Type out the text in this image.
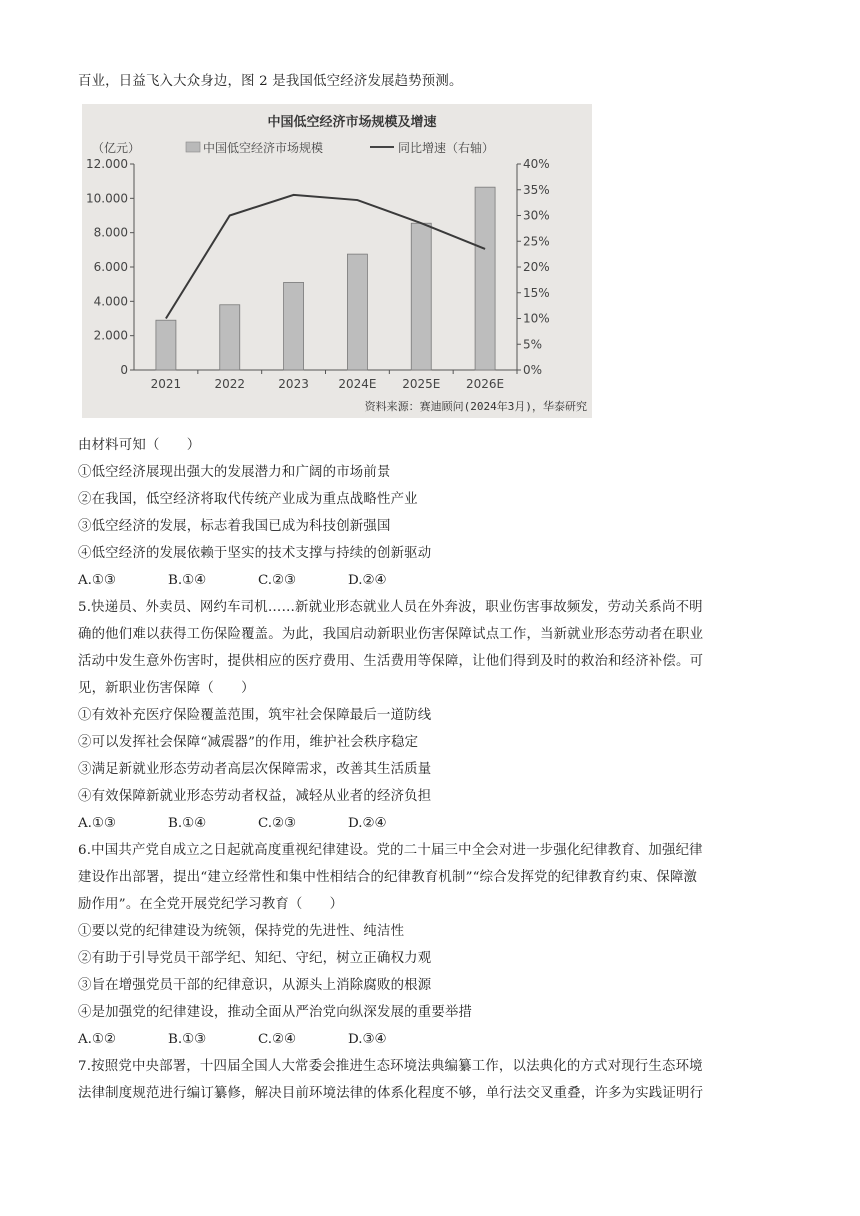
百业，日益飞入大众身边，图 2 是我国低空经济发展趋势预测。
中国低空经济市场规模及增速
（亿元）	中国低空经济市场规模	同比增速（右轴）
12.000
10.000
8.000
6.000
4.000
2.000
0
40%
35%
30%
25%
20%
15%
10%
5%
0%
2021	2022	2023 2024E 2025E 2026E
资料来源：赛迪顾问(2024年3月)，华泰研究
由材料可知（　　）
①低空经济展现出强大的发展潜力和广阔的市场前景
②在我国，低空经济将取代传统产业成为重点战略性产业
③低空经济的发展，标志着我国已成为科技创新强国
④低空经济的发展依赖于坚实的技术支撑与持续的创新驱动
A.①③	B.①④	C.②③	D.②④
5.快递员、外卖员、网约车司机……新就业形态就业人员在外奔波，职业伤害事故频发，劳动关系尚不明
确的他们难以获得工伤保险覆盖。为此，我国启动新职业伤害保障试点工作，当新就业形态劳动者在职业
活动中发生意外伤害时，提供相应的医疗费用、生活费用等保障，让他们得到及时的救治和经济补偿。可
见，新职业伤害保障（　　）
①有效补充医疗保险覆盖范围，筑牢社会保障最后一道防线
②可以发挥社会保障“减震器”的作用，维护社会秩序稳定
③满足新就业形态劳动者高层次保障需求，改善其生活质量
④有效保障新就业形态劳动者权益，减轻从业者的经济负担
A.①③	B.①④	C.②③	D.②④
6.中国共产党自成立之日起就高度重视纪律建设。党的二十届三中全会对进一步强化纪律教育、加强纪律
建设作出部署，提出“建立经常性和集中性相结合的纪律教育机制”“综合发挥党的纪律教育约束、保障激
励作用”。在全党开展党纪学习教育（　　）
①要以党的纪律建设为统领，保持党的先进性、纯洁性
②有助于引导党员干部学纪、知纪、守纪，树立正确权力观
③旨在增强党员干部的纪律意识，从源头上消除腐败的根源
④是加强党的纪律建设，推动全面从严治党向纵深发展的重要举措
A.①②	B.①③	C.②④	D.③④
7.按照党中央部署，十四届全国人大常委会推进生态环境法典编纂工作，以法典化的方式对现行生态环境
法律制度规范进行编订纂修，解决目前环境法律的体系化程度不够，单行法交叉重叠，许多为实践证明行
